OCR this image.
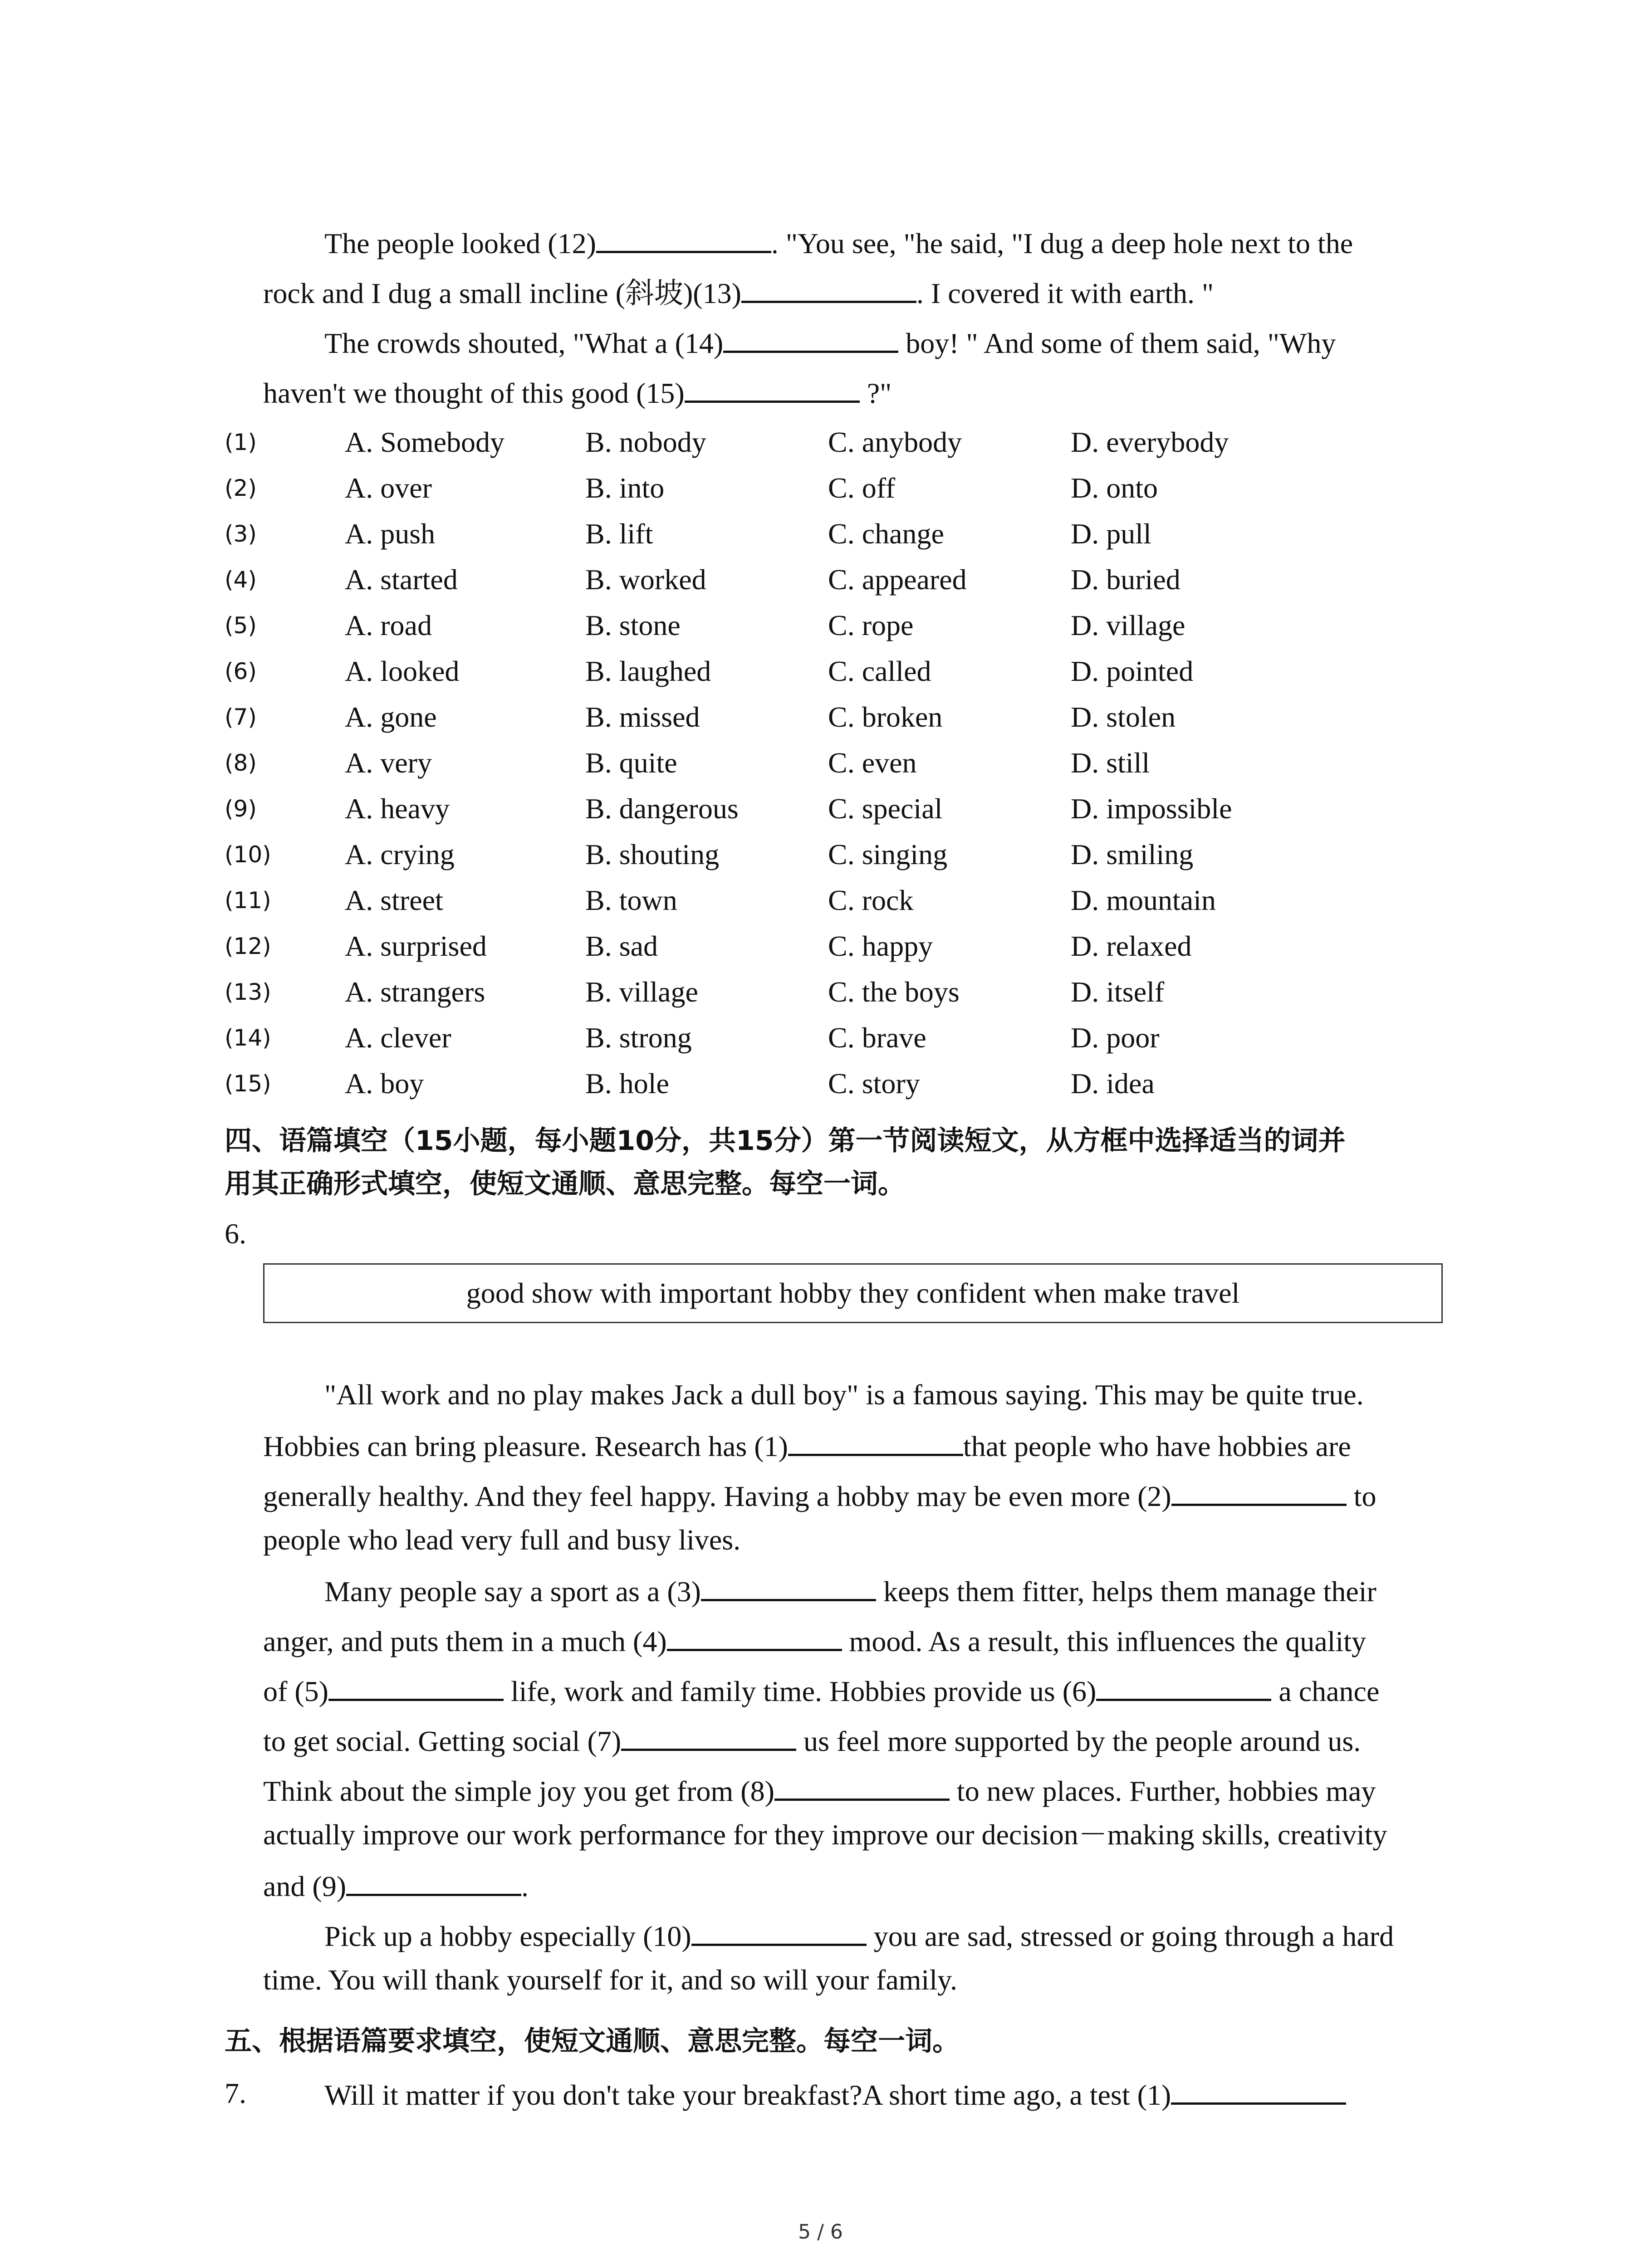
The people looked (12)	. "You see, "he said, "I dug a deep hole next to the
rock and I dug a small incline (斜坡)(13)	. I covered it with earth. "
The crowds shouted, "What a (14)	boy! " And some of them said, "Why
haven't we thought of this good (15)	?"
(1)	A. Somebody	B. nobody	C. anybody	D. everybody
(2)	A. over	B. into	C. off	D. onto
(3)	A. push	B. lift	C. change	D. pull
(4)	A. started	B. worked	C. appeared	D. buried
(5)	A. road	B. stone	C. rope	D. village
(6)	A. looked	B. laughed	C. called	D. pointed
(7)	A. gone	B. missed	C. broken	D. stolen
(8)	A. very	B. quite	C. even	D. still
(9)	A. heavy	B. dangerous	C. special	D. impossible
(10)	A. crying	B. shouting	C. singing	D. smiling
(11)	A. street	B. town	C. rock	D. mountain
(12)	A. surprised	B. sad	C. happy	D. relaxed
(13)	A. strangers	B. village	C. the boys	D. itself
(14)	A. clever	B. strong	C. brave	D. poor
(15)	A. boy	B. hole	C. story	D. idea
四、语篇填空（15小题，每小题10分，共15分）第一节阅读短文，从方框中选择适当的词并
用其正确形式填空，使短文通顺、意思完整。每空一词。
6.
good show with important hobby they confident when make travel
"All work and no play makes Jack a dull boy" is a famous saying. This may be quite true.
Hobbies can bring pleasure. Research has (1)	that people who have hobbies are
generally healthy. And they feel happy. Having a hobby may be even more (2)	to
people who lead very full and busy lives.
Many people say a sport as a (3)	keeps them fitter, helps them manage their
anger, and puts them in a much (4)	mood. As a result, this influences the quality
of (5)	life, work and family time. Hobbies provide us (6)	a chance
to get social. Getting social (7)	us feel more supported by the people around us.
Think about the simple joy you get from (8)	to new places. Further, hobbies may
actually improve our work performance for they improve our decision－making skills, creativity
and (9)	.
Pick up a hobby especially (10)	you are sad, stressed or going through a hard
time. You will thank yourself for it, and so will your family.
五、根据语篇要求填空，使短文通顺、意思完整。每空一词。
7.	Will it matter if you don't take your breakfast?A short time ago, a test (1)
5 / 6
